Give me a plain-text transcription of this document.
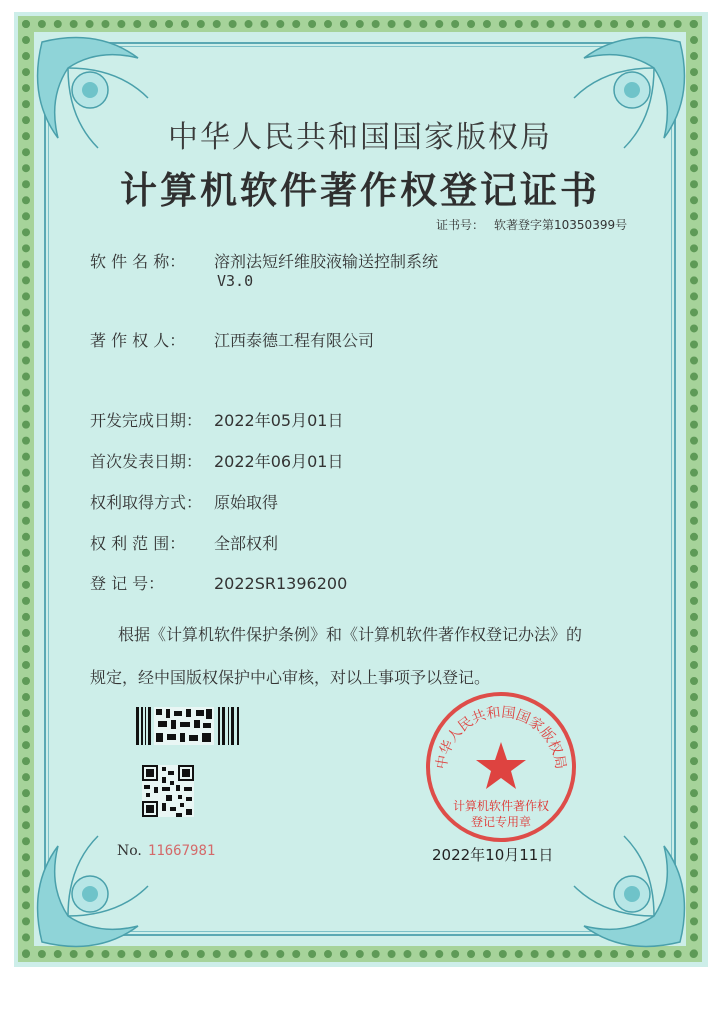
中华人民共和国国家版权局
计算机软件著作权登记证书
证书号： 软著登字第10350399号
软 件 名 称： 溶剂法短纤维胶液输送控制系统
V3.0
著 作 权 人： 江西泰德工程有限公司
开发完成日期： 2022年05月01日
首次发表日期： 2022年06月01日
权利取得方式： 原始取得
权 利 范 围： 全部权利
登 记 号：	2022SR1396200
根据《计算机软件保护条例》和《计算机软件著作权登记办法》的
规定，经中国版权保护中心审核，对以上事项予以登记。
No. 11667981
中华人民共和国国家版权局
计算机软件著作权
登记专用章
2022年10月11日
